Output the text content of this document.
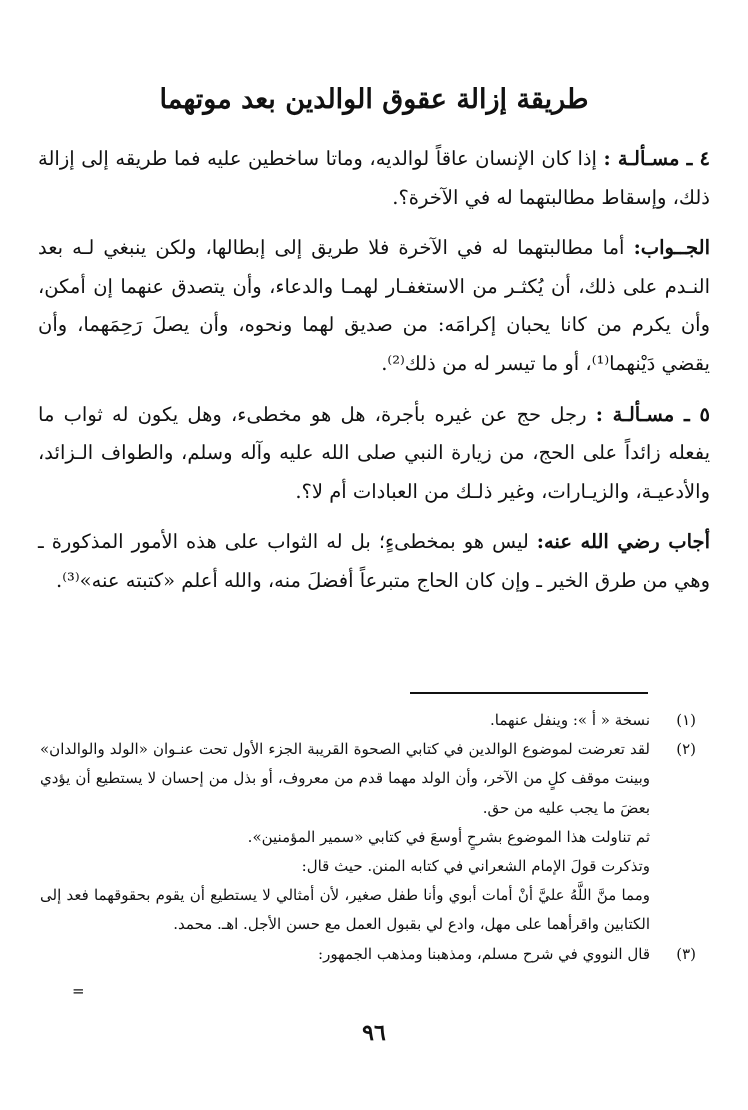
طريقة إزالة عقوق الوالدين بعد موتهما

٤ ـ مسـألـة : إذا كان الإنسان عاقاً لوالديه، وماتا ساخطين عليه فما طريقه إلى إزالة ذلك، وإسقاط مطالبتهما له في الآخرة؟.

الجــواب: أما مطالبتهما له في الآخرة فلا طريق إلى إبطالها، ولكن ينبغي لـه بعد النـدم على ذلك، أن يُكثـر من الاستغفـار لهمـا والدعاء، وأن يتصدق عنهما إن أمكن، وأن يكرم من كانا يحبان إكرامَه: من صديق لهما ونحوه، وأن يصلَ رَحِمَهما، وأن يقضي دَيْنهما⁽¹⁾، أو ما تيسر له من ذلك⁽²⁾.

٥ ـ مسـألـة : رجل حج عن غيره بأجرة، هل هو مخطىء، وهل يكون له ثواب ما يفعله زائداً على الحج، من زيارة النبي صلى الله عليه وآله وسلم، والطواف الـزائد، والأدعيـة، والزيـارات، وغير ذلـك من العبادات أم لا؟.

أجاب رضي الله عنه: ليس هو بمخطىءٍ؛ بل له الثواب على هذه الأمور المذكورة ـ وهي من طرق الخير ـ وإن كان الحاج متبرعاً أفضلَ منه، والله أعلم «كتبته عنه»⁽³⁾.

(١)
نسخة « أ »: وينفل عنهما.

(٢)
لقد تعرضت لموضوع الوالدين في كتابي الصحوة القريبة الجزء الأول تحت عنـوان «الولد والوالدان» وبينت موقف كلٍ من الآخر، وأن الولد مهما قدم من معروف، أو بذل من إحسان لا يستطيع أن يؤدي بعضَ ما يجب عليه من حق.

ثم تناولت هذا الموضوع بشرحٍ أوسعَ في كتابي «سمير المؤمنين».

وتذكرت قولَ الإمام الشعراني في كتابه المنن. حيث قال:

ومما منَّ اللَّهُ عليَّ أنْ أمات أبوي وأنا طفل صغير، لأن أمثالي لا يستطيع أن يقوم بحقوقهما فعد إلى الكتابين واقرأهما على مهل، وادع لي بقبول العمل مع حسن الأجل. اهـ. محمد.

(٣)
قال النووي في شرح مسلم، ومذهبنا ومذهب الجمهور:

=
٩٦
